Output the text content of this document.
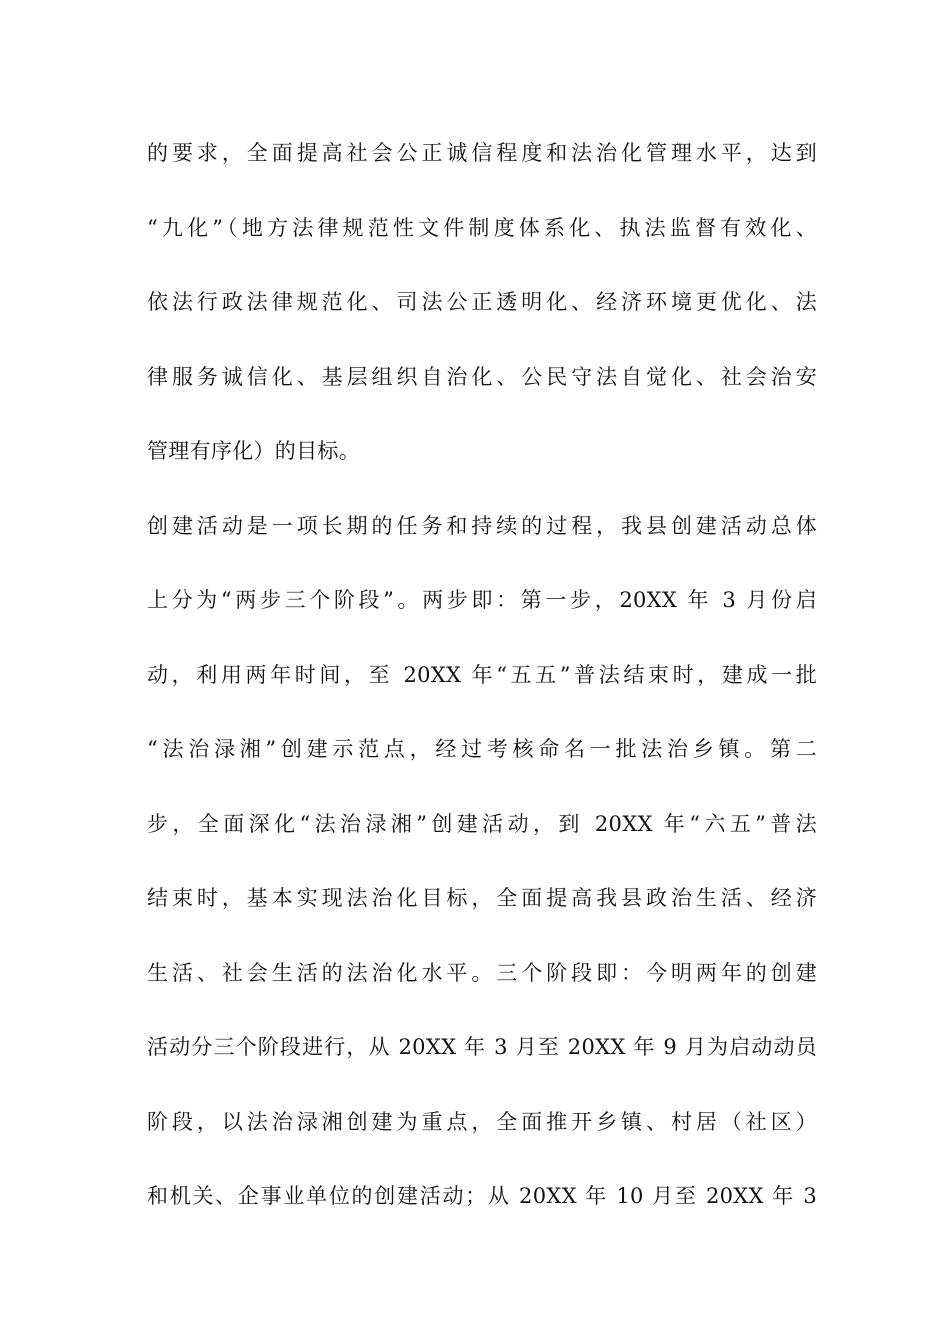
的要求，全面提高社会公正诚信程度和法治化管理水平，达到
“九化”（地方法律规范性文件制度体系化、执法监督有效化、
依法行政法律规范化、司法公正透明化、经济环境更优化、法
律服务诚信化、基层组织自治化、公民守法自觉化、社会治安
管理有序化）的目标。
创建活动是一项长期的任务和持续的过程，我县创建活动总体
上分为“两步三个阶段”。两步即：第一步，20XX 年 3 月份启
动，利用两年时间，至 20XX 年“五五”普法结束时，建成一批
“法治渌湘”创建示范点，经过考核命名一批法治乡镇。第二
步，全面深化“法治渌湘”创建活动，到 20XX 年“六五”普法
结束时，基本实现法治化目标，全面提高我县政治生活、经济
生活、社会生活的法治化水平。三个阶段即：今明两年的创建
活动分三个阶段进行，从 20XX 年 3 月至 20XX 年 9 月为启动动员
阶段，以法治渌湘创建为重点，全面推开乡镇、村居（社区）
和机关、企事业单位的创建活动；从 20XX 年 10 月至 20XX 年 3
